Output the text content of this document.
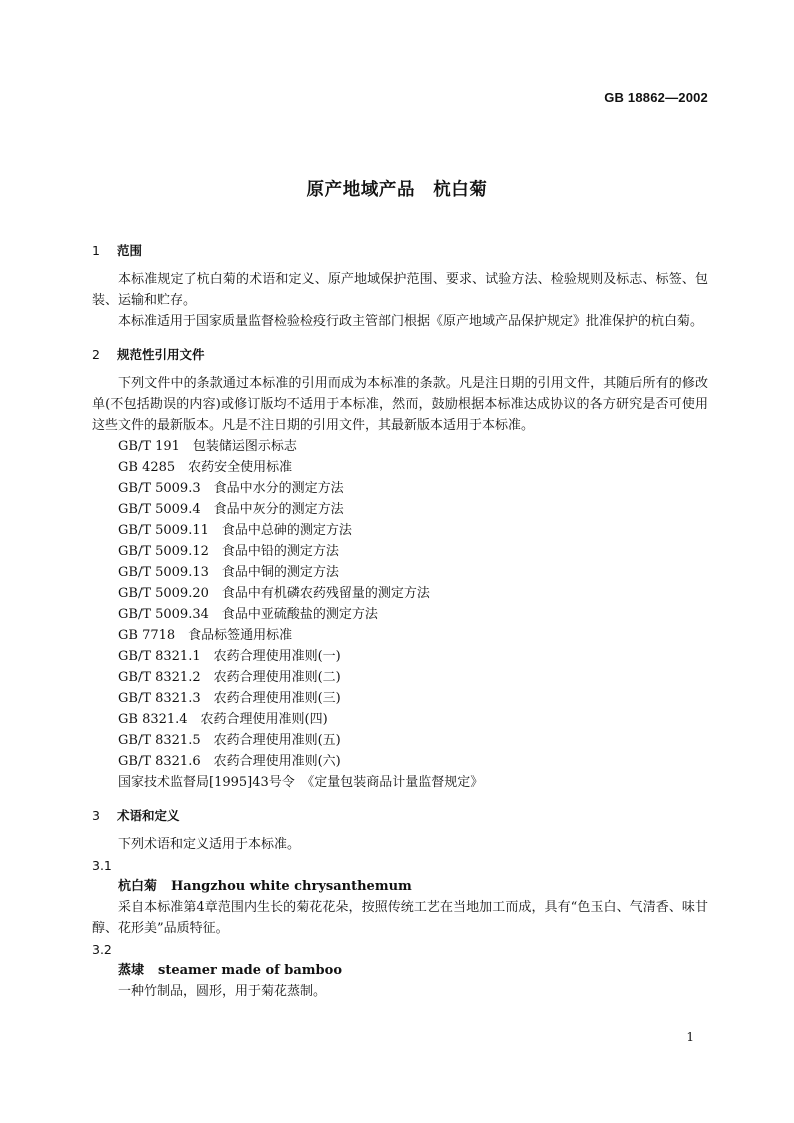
GB 18862—2002
原产地域产品　杭白菊

1 范围

本标准规定了杭白菊的术语和定义、原产地域保护范围、要求、试验方法、检验规则及标志、标签、包装、运输和贮存。

本标准适用于国家质量监督检验检疫行政主管部门根据《原产地域产品保护规定》批准保护的杭白菊。

2 规范性引用文件

下列文件中的条款通过本标准的引用而成为本标准的条款。凡是注日期的引用文件，其随后所有的修改单(不包括勘误的内容)或修订版均不适用于本标准，然而，鼓励根据本标准达成协议的各方研究是否可使用这些文件的最新版本。凡是不注日期的引用文件，其最新版本适用于本标准。

GB/T 191　包装储运图示标志

GB 4285　农药安全使用标准

GB/T 5009.3　食品中水分的测定方法

GB/T 5009.4　食品中灰分的测定方法

GB/T 5009.11　食品中总砷的测定方法

GB/T 5009.12　食品中铅的测定方法

GB/T 5009.13　食品中铜的测定方法

GB/T 5009.20　食品中有机磷农药残留量的测定方法

GB/T 5009.34　食品中亚硫酸盐的测定方法

GB 7718　食品标签通用标准

GB/T 8321.1　农药合理使用准则(一)

GB/T 8321.2　农药合理使用准则(二)

GB/T 8321.3　农药合理使用准则(三)

GB 8321.4　农药合理使用准则(四)

GB/T 8321.5　农药合理使用准则(五)

GB/T 8321.6　农药合理使用准则(六)

国家技术监督局[1995]43号令　《定量包装商品计量监督规定》

3 术语和定义

下列术语和定义适用于本标准。

3.1

杭白菊 Hangzhou white chrysanthemum

采自本标准第4章范围内生长的菊花花朵，按照传统工艺在当地加工而成，具有“色玉白、气清香、味甘醇、花形美”品质特征。

3.2

蒸埭 steamer made of bamboo

一种竹制品，圆形，用于菊花蒸制。

1
